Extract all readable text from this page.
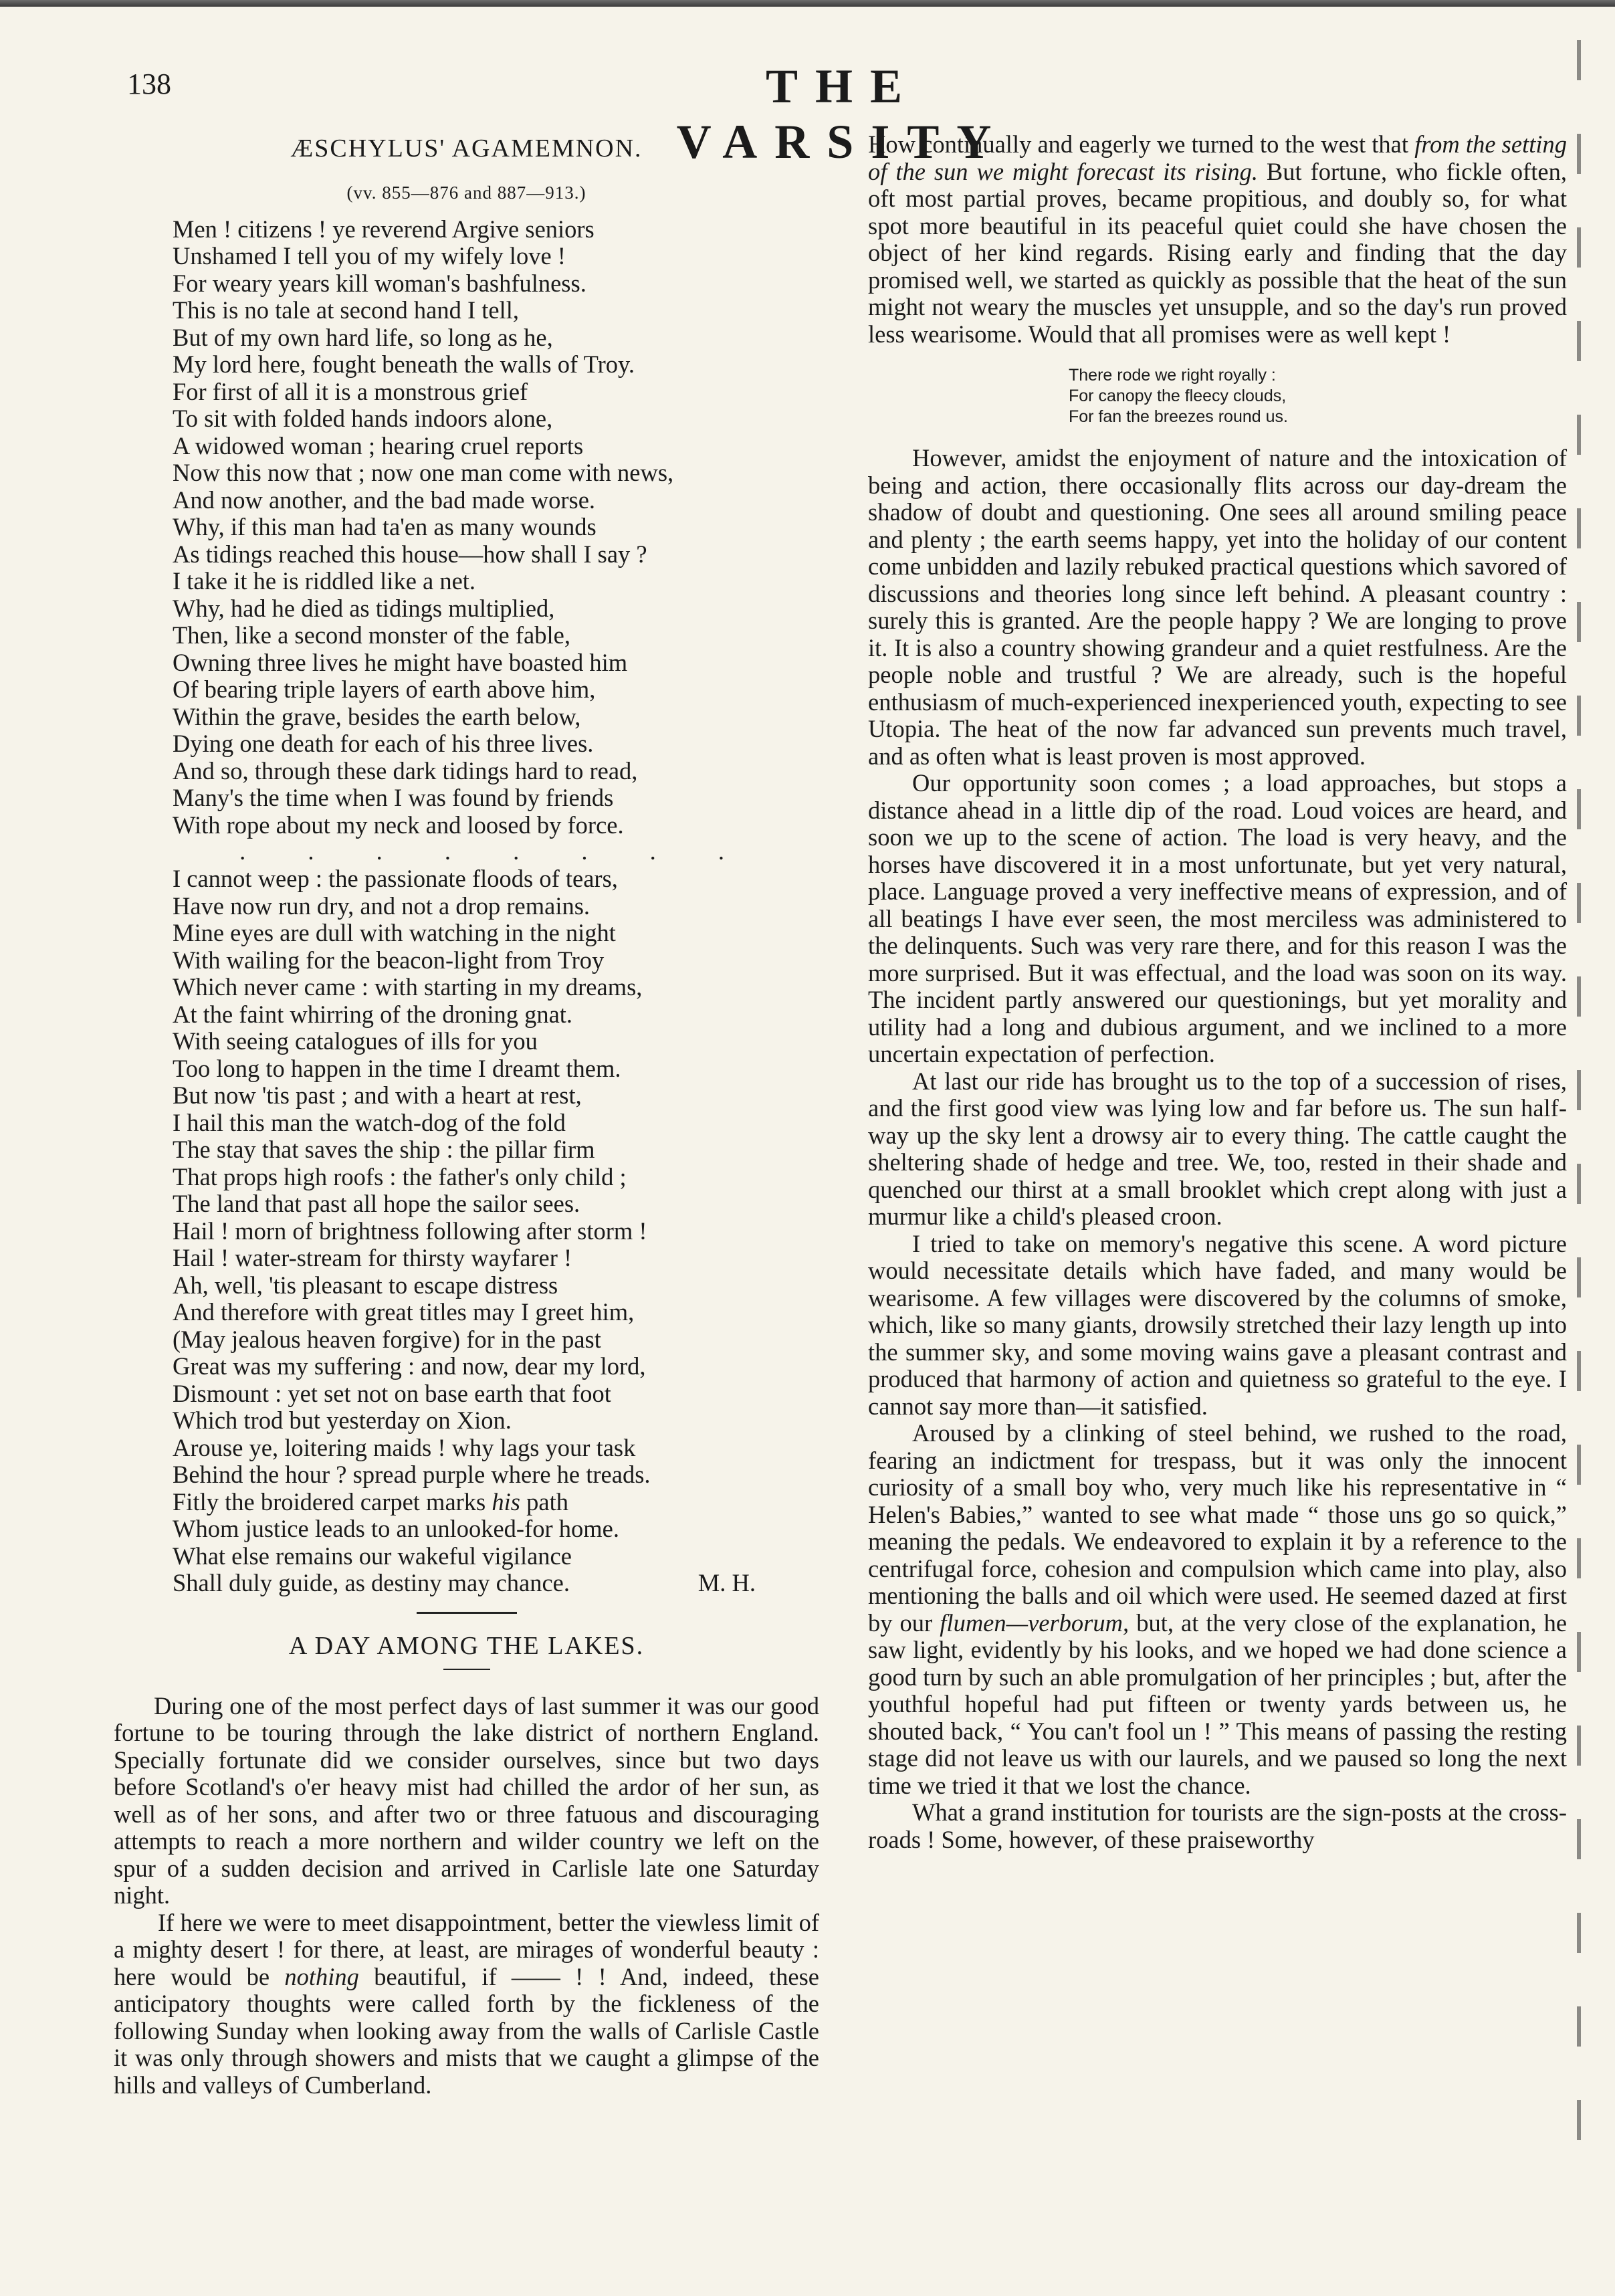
138	THE VARSITY
ÆSCHYLUS' AGAMEMNON.
(vv. 855—876 and 887—913.)
Men ! citizens ! ye reverend Argive seniors
Unshamed I tell you of my wifely love !
For weary years kill woman's bashfulness.
This is no tale at second hand I tell,
But of my own hard life, so long as he,
My lord here, fought beneath the walls of Troy.
For first of all it is a monstrous grief
To sit with folded hands indoors alone,
A widowed woman ; hearing cruel reports
Now this now that ; now one man come with news,
And now another, and the bad made worse.
Why, if this man had ta'en as many wounds
As tidings reached this house—how shall I say ?
I take it he is riddled like a net.
Why, had he died as tidings multiplied,
Then, like a second monster of the fable,
Owning three lives he might have boasted him
Of bearing triple layers of earth above him,
Within the grave, besides the earth below,
Dying one death for each of his three lives.
And so, through these dark tidings hard to read,
Many's the time when I was found by friends
With rope about my neck and loosed by force.
. . . . . . . .
I cannot weep : the passionate floods of tears,
Have now run dry, and not a drop remains.
Mine eyes are dull with watching in the night
With wailing for the beacon-light from Troy
Which never came : with starting in my dreams,
At the faint whirring of the droning gnat.
With seeing catalogues of ills for you
Too long to happen in the time I dreamt them.
But now 'tis past ; and with a heart at rest,
I hail this man the watch-dog of the fold
The stay that saves the ship : the pillar firm
That props high roofs : the father's only child ;
The land that past all hope the sailor sees.
Hail ! morn of brightness following after storm !
Hail ! water-stream for thirsty wayfarer !
Ah, well, 'tis pleasant to escape distress
And therefore with great titles may I greet him,
(May jealous heaven forgive) for in the past
Great was my suffering : and now, dear my lord,
Dismount : yet set not on base earth that foot
Which trod but yesterday on Xion.
Arouse ye, loitering maids ! why lags your task
Behind the hour ? spread purple where he treads.
Fitly the broidered carpet marks his path
Whom justice leads to an unlooked-for home.
What else remains our wakeful vigilance
Shall duly guide, as destiny may chance.	M. H.
A DAY AMONG THE LAKES.

During one of the most perfect days of last summer it was our good fortune to be touring through the lake district of northern England. Specially fortunate did we consider ourselves, since but two days before Scotland's o'er heavy mist had chilled the ardor of her sun, as well as of her sons, and after two or three fatuous and discouraging attempts to reach a more northern and wilder country we left on the spur of a sudden decision and arrived in Carlisle late one Saturday night.

If here we were to meet disappointment, better the viewless limit of a mighty desert ! for there, at least, are mirages of wonderful beauty : here would be nothing beautiful, if —— ! ! And, indeed, these anticipatory thoughts were called forth by the fickleness of the following Sunday when looking away from the walls of Carlisle Castle it was only through showers and mists that we caught a glimpse of the hills and valleys of Cumberland.

How continually and eagerly we turned to the west that from the setting of the sun we might forecast its rising. But fortune, who fickle often, oft most partial proves, became propitious, and doubly so, for what spot more beautiful in its peaceful quiet could she have chosen the object of her kind regards. Rising early and finding that the day promised well, we started as quickly as possible that the heat of the sun might not weary the muscles yet unsupple, and so the day's run proved less wearisome. Would that all promises were as well kept !

There rode we right royally :
For canopy the fleecy clouds,
For fan the breezes round us.

However, amidst the enjoyment of nature and the intoxication of being and action, there occasionally flits across our day-dream the shadow of doubt and questioning. One sees all around smiling peace and plenty ; the earth seems happy, yet into the holiday of our content come unbidden and lazily rebuked practical questions which savored of discussions and theories long since left behind. A pleasant country : surely this is granted. Are the people happy ? We are longing to prove it. It is also a country showing grandeur and a quiet restfulness. Are the people noble and trustful ? We are already, such is the hopeful enthusiasm of much-experienced inexperienced youth, expecting to see Utopia. The heat of the now far advanced sun prevents much travel, and as often what is least proven is most approved.

Our opportunity soon comes ; a load approaches, but stops a distance ahead in a little dip of the road. Loud voices are heard, and soon we up to the scene of action. The load is very heavy, and the horses have discovered it in a most unfortunate, but yet very natural, place. Language proved a very ineffective means of expression, and of all beatings I have ever seen, the most merciless was administered to the delinquents. Such was very rare there, and for this reason I was the more surprised. But it was effectual, and the load was soon on its way. The incident partly answered our questionings, but yet morality and utility had a long and dubious argument, and we inclined to a more uncertain expectation of perfection.

At last our ride has brought us to the top of a succession of rises, and the first good view was lying low and far before us. The sun half-way up the sky lent a drowsy air to every thing. The cattle caught the sheltering shade of hedge and tree. We, too, rested in their shade and quenched our thirst at a small brooklet which crept along with just a murmur like a child's pleased croon.

I tried to take on memory's negative this scene. A word picture would necessitate details which have faded, and many would be wearisome. A few villages were discovered by the columns of smoke, which, like so many giants, drowsily stretched their lazy length up into the summer sky, and some moving wains gave a pleasant contrast and produced that harmony of action and quietness so grateful to the eye. I cannot say more than—it satisfied.

Aroused by a clinking of steel behind, we rushed to the road, fearing an indictment for trespass, but it was only the innocent curiosity of a small boy who, very much like his representative in “ Helen's Babies,” wanted to see what made “ those uns go so quick,” meaning the pedals. We endeavored to explain it by a reference to the centrifugal force, cohesion and compulsion which came into play, also mentioning the balls and oil which were used. He seemed dazed at first by our flumen—verborum, but, at the very close of the explanation, he saw light, evidently by his looks, and we hoped we had done science a good turn by such an able promulgation of her principles ; but, after the youthful hopeful had put fifteen or twenty yards between us, he shouted back, “ You can't fool un ! ” This means of passing the resting stage did not leave us with our laurels, and we paused so long the next time we tried it that we lost the chance.

What a grand institution for tourists are the sign-posts at the cross-roads ! Some, however, of these praiseworthy
